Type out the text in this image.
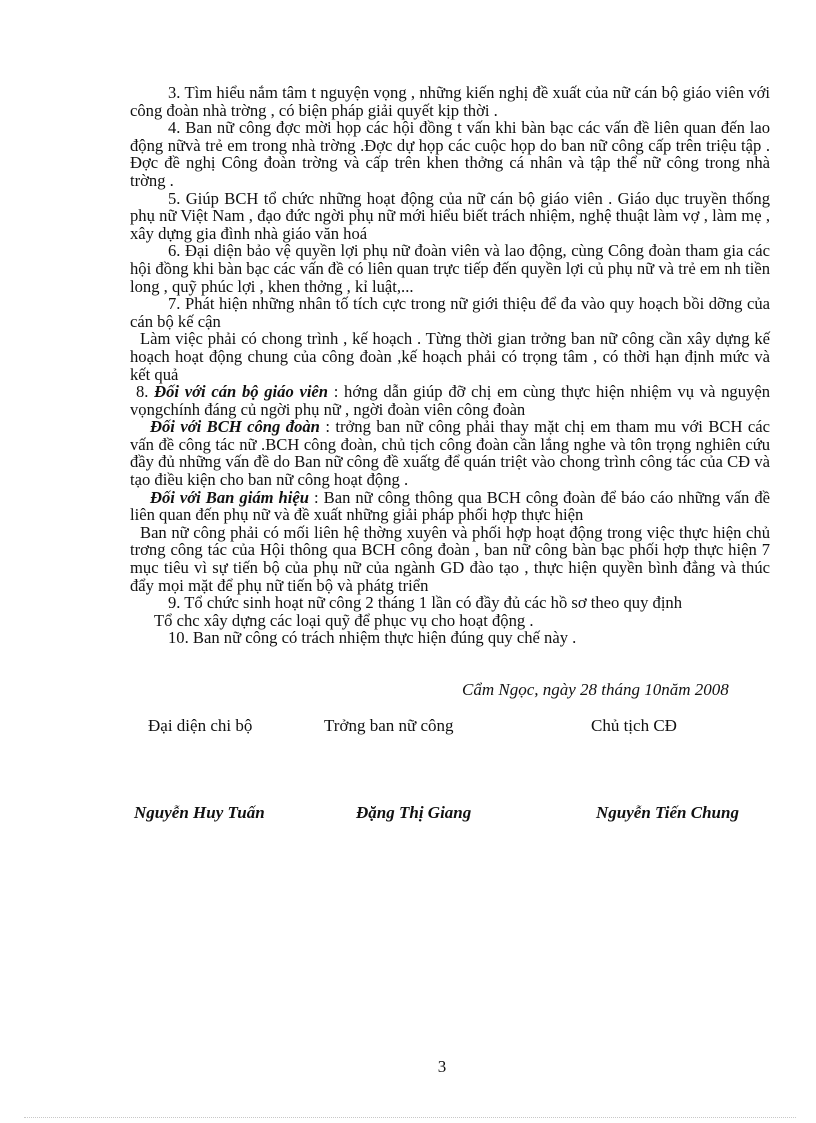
3. Tìm hiểu nắm tâm t nguyện vọng , những kiến nghị đề xuất của nữ cán bộ giáo viên với công đoàn nhà trờng , có biện pháp giải quyết kịp thời .

4. Ban nữ công đợc mời họp các hội đồng t vấn khi bàn bạc các vấn đề liên quan đến lao động nữvà trẻ em trong nhà trờng .Đợc dự họp các cuộc họp do ban nữ công cấp trên triệu tập . Đợc đề nghị Công đoàn trờng và cấp trên khen thởng cá nhân và tập thể nữ công trong nhà trờng .

5. Giúp BCH tổ chức những hoạt động của nữ cán bộ giáo viên . Giáo dục truyền thống phụ nữ Việt Nam , đạo đức ngời phụ nữ mới hiểu biết trách nhiệm, nghệ thuật làm vợ , làm mẹ , xây dựng gia đình nhà giáo văn hoá

6. Đại diện bảo vệ quyền lợi phụ nữ đoàn viên và lao động, cùng Công đoàn tham gia các hội đồng khi bàn bạc các vấn đề có liên quan trực tiếp đến quyền lợi củ phụ nữ và trẻ em nh tiền long , quỹ phúc lợi , khen thởng , kỉ luật,...

7. Phát hiện những nhân tố tích cực trong nữ giới thiệu để đa vào quy hoạch bồi dỡng của cán bộ kế cận

Làm việc phải có chong trình , kế hoạch . Từng thời gian trởng ban nữ công cần xây dựng kế hoạch hoạt động chung của công đoàn ,kế hoạch phải có trọng tâm , có thời hạn định mức và kết quả

8. Đối với cán bộ giáo viên : hớng dẫn giúp đỡ chị em cùng thực hiện nhiệm vụ và nguyện vọngchính đáng củ ngời phụ nữ , ngời đoàn viên công đoàn

Đối với BCH công đoàn : trởng ban nữ công phải thay mặt chị em tham mu với BCH các vấn đề công tác nữ .BCH công đoàn, chủ tịch công đoàn cần lắng nghe và tôn trọng nghiên cứu đầy đủ những vấn đề do Ban nữ công đề xuấtg để quán triệt vào chong trình công tác của CĐ và tạo điều kiện cho ban nữ công hoạt động .

Đối với Ban giám hiệu : Ban nữ công thông qua BCH công đoàn để báo cáo những vấn đề liên quan đến phụ nữ và đề xuất những giải pháp phối hợp thực hiện

Ban nữ công phải có mối liên hệ thờng xuyên và phối hợp hoạt động trong việc thực hiện chủ trơng công tác của Hội thông qua BCH công đoàn , ban nữ công bàn bạc phối hợp thực hiện 7 mục tiêu vì sự tiến bộ của phụ nữ của ngành GD đào tạo , thực hiện quyền bình đẳng và thúc đẩy mọi mặt để phụ nữ tiến bộ và phátg triển

9. Tổ chức sinh hoạt nữ công 2 tháng 1 lần có đầy đủ các hồ sơ theo quy định

Tổ chc xây dựng các loại quỹ để phục vụ cho hoạt động .

10. Ban nữ công có trách nhiệm thực hiện đúng quy chế này .

Cẩm Ngọc, ngày 28 tháng 10năm 2008
Đại diện chi bộ	Trởng ban nữ công	Chủ tịch CĐ
Nguyễn Huy Tuấn	Đặng Thị Giang	Nguyễn Tiến Chung
3
